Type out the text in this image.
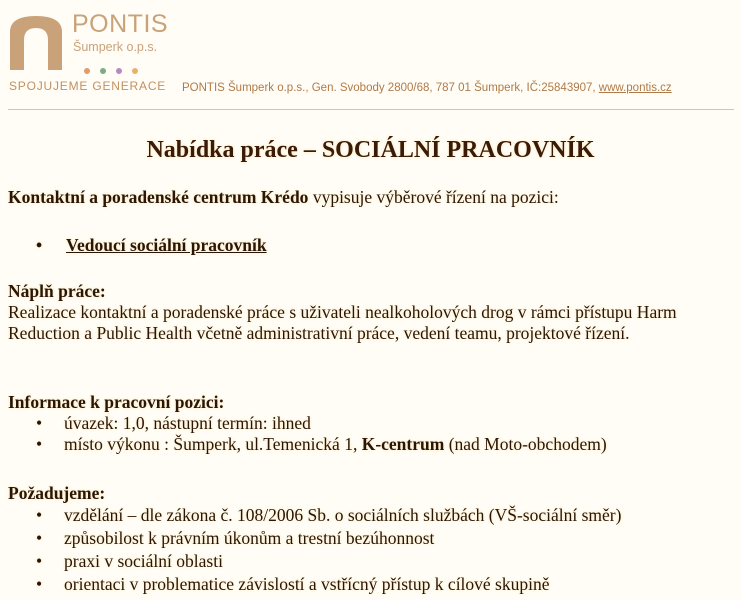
PONTIS
Šumperk o.p.s.
SPOJUJEME GENERACE PONTIS Šumperk o.p.s., Gen. Svobody 2800/68, 787 01 Šumperk, IČ:25843907, www.pontis.cz
Nabídka práce – SOCIÁLNÍ PRACOVNÍK
Kontaktní a poradenské centrum Krédo vypisuje výběrové řízení na pozici:
• Vedoucí sociální pracovník
Náplň práce:
Realizace kontaktní a poradenské práce s uživateli nealkoholových drog v rámci přístupu Harm Reduction a Public Health včetně administrativní práce, vedení teamu, projektové řízení.
Informace k pracovní pozici:
•	úvazek: 1,0, nástupní termín: ihned
•	místo výkonu : Šumperk, ul.Temenická 1, K-centrum (nad Moto-obchodem)
Požadujeme:
•	vzdělání – dle zákona č. 108/2006 Sb. o sociálních službách (VŠ-sociální směr)
•	způsobilost k právním úkonům a trestní bezúhonnost
•	praxi v sociální oblasti
•	orientaci v problematice závislostí a vstřícný přístup k cílové skupině
